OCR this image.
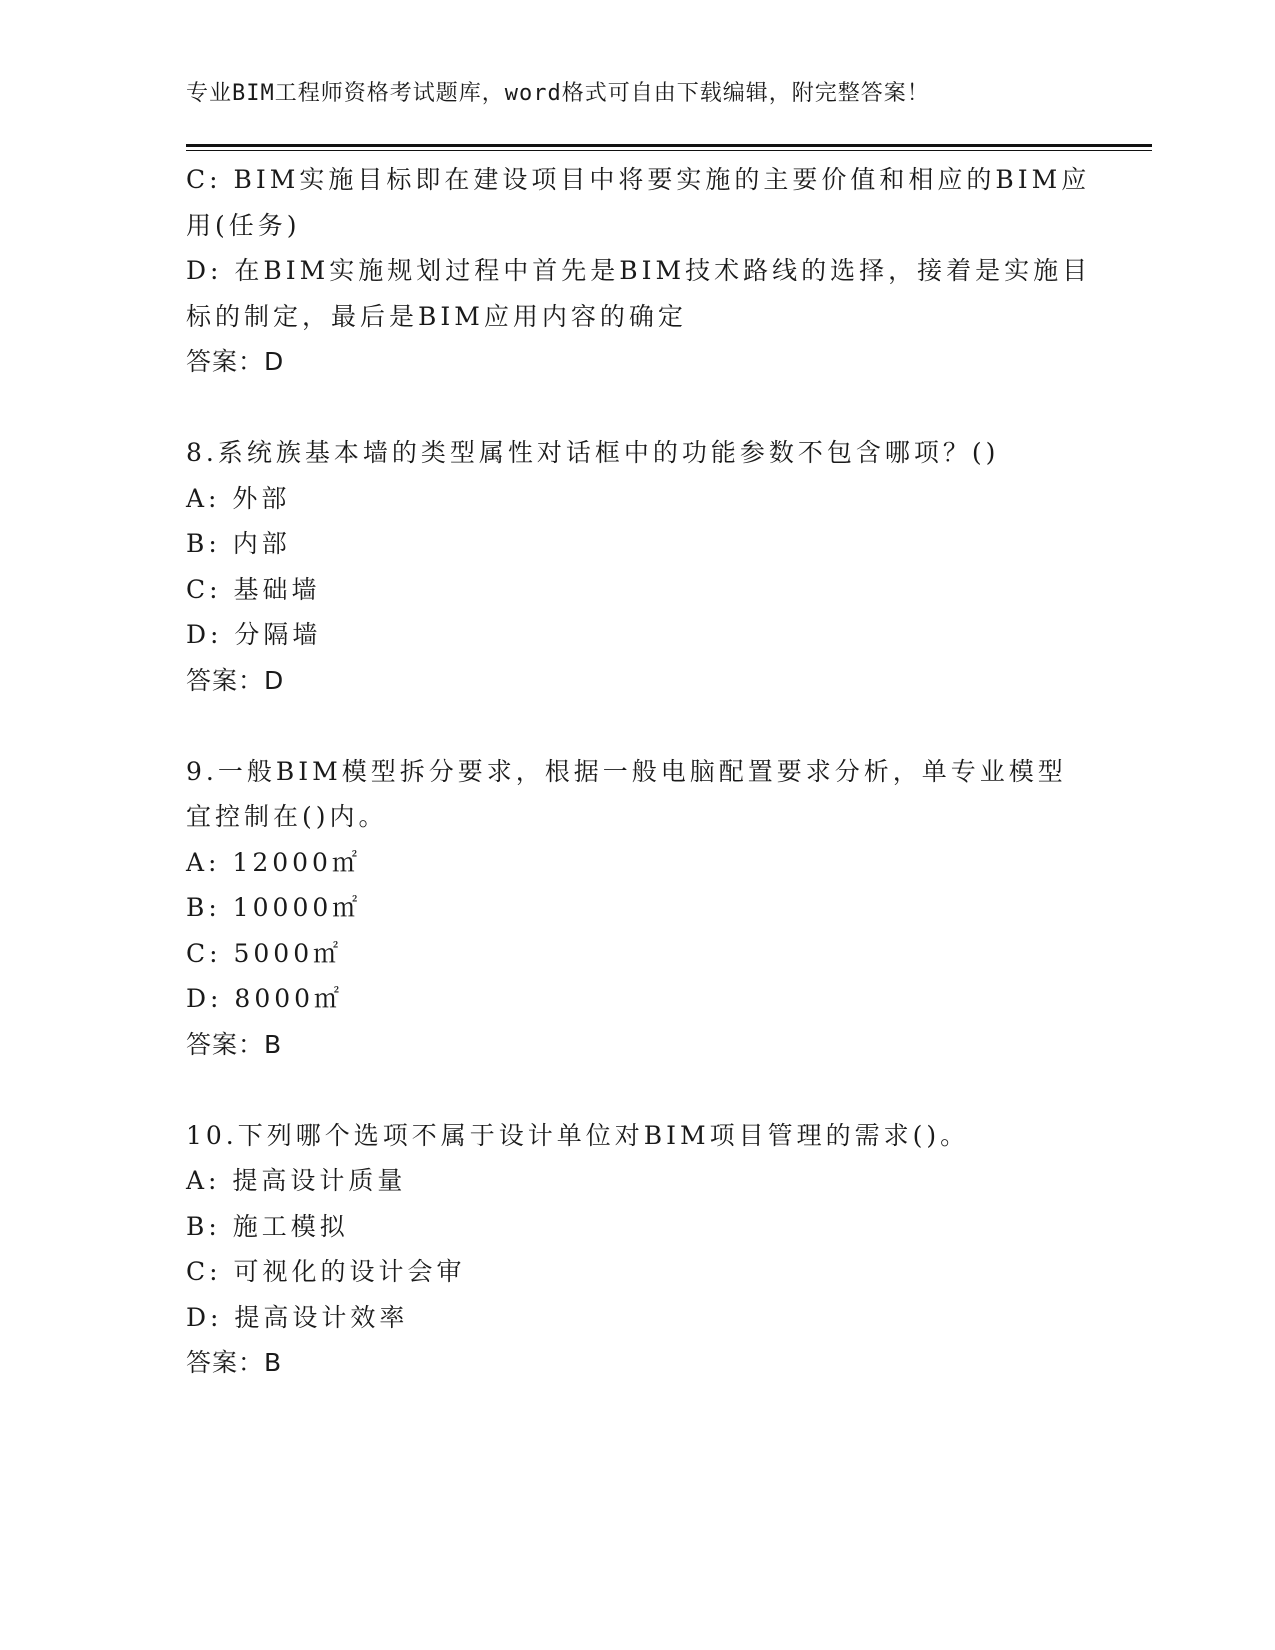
专业BIM工程师资格考试题库，word格式可自由下载编辑，附完整答案！
C: BIM实施目标即在建设项目中将要实施的主要价值和相应的BIM应
用(任务)
D: 在BIM实施规划过程中首先是BIM技术路线的选择，接着是实施目
标的制定，最后是BIM应用内容的确定
答案：D
8.系统族基本墙的类型属性对话框中的功能参数不包含哪项？()
A: 外部
B: 内部
C: 基础墙
D: 分隔墙
答案：D
9.一般BIM模型拆分要求，根据一般电脑配置要求分析，单专业模型
宜控制在()内。
A: 12000㎡
B: 10000㎡
C: 5000㎡
D: 8000㎡
答案：B
10.下列哪个选项不属于设计单位对BIM项目管理的需求()。
A: 提高设计质量
B: 施工模拟
C: 可视化的设计会审
D: 提高设计效率
答案：B
